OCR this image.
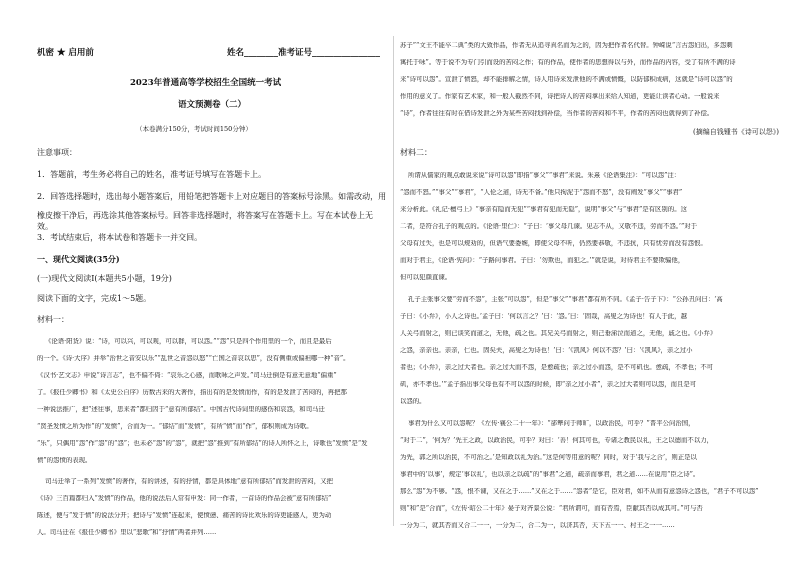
机密 ★ 启用前	姓名________准考证号________________
2023年普通高等学校招生全国统一考试
语文预测卷（二）
（本卷满分150分，考试时间150分钟）
注意事项：
1．答题前，考生务必将自己的姓名，准考证号填写在答题卡上。
2．回答选择题时，选出每小题答案后，用铅笔把答题卡上对应题目的答案标号涂黑。如需改动，用
橡皮擦干净后，再选涂其他答案标号。回答非选择题时，将答案写在答题卡上。写在本试卷上无效。
3．考试结束后，将本试卷和答题卡一并交回。
一、现代文阅读(35分)
(一)现代文阅读Ⅰ(本题共5小题，19分)
阅读下面的文字，完成1～5题。
材料一：
《论语·阳货》说：“诗，可以兴，可以观，可以群，可以怨。”“怨”只是四个作用里的一个，而且是最后
的一个。《诗·大序》并举“治世之音安以乐”“乱世之音怨以怒”“亡国之音哀以思”，没有侧重或偏袒哪一种“音”。
《汉书·艺文志》申说“诗言志”，也不偏不倚：“哀乐之心感，而歌咏之声发。”司马迁倒是有意无意地“偏重”
了。《报任少卿书》和《太史公自序》历数古来的大著作，指出有的是发愤而作，有的是发泄了苦闷的，再把那
一种说法推广，把“述往事，思来者”都归因于“意有所郁结”。中国古代诗词里的感伤和哀怨，和司马迁
“贤圣发愤之所为作”的“发愤”，合而为一。“郁结”而“发愤”，有所“愤”而“作”，郁积则成为诗歌。
“乐”，只偶用“怨”作“怨”的“怨”；也未必“怨”的“怨”，就把“怨”推到“有所郁结”的诗人所怀之上，诗歌也“发愤”是“发
愤”的怨愤的表现。
司马迁举了一系列“发愤”的著作，有的讲述，有的抒情，都是具体地“意有所郁结”而发泄的苦闷，又把
《诗》三百篇都归入“发愤”的作品，他的说法后人常有申发：同一作者，一首诗的作品会被“意有所郁结”
陈述，便与“发于愤”的说法分开；把诗与“发愤”连起来，使愤懑、痛苦的诗比欢乐的诗更能感人，更为动
人。司马迁在《报任少卿书》里以“悲歌”和“抒情”两者并列……
苏子”“文王不能卒二典”类的大致作品，作者无从追寻真名而为之的，因为把作者名代替。钟嵘说“言古怨妇出，多怨刺
寓托于咏”。等于说不为专门引而设的苦闷之作；有的作品，使作者的思想得以与外，而作品的内容，受了有所不满的诗
来“诗可以怨”。宣泄了愤怒，却不能排解之情，诗人用诗来发泄他的不满或愤慨，以防郁积成病，这就是“诗可以怨”的
作用的意义了。作家有艺术家，和一般人截然不同，诗把诗人的苦闷拿出来给人知道，更能让读者心动。一般说来
“诗”，作者往往有时在借诗发泄之外为某些苦闷找到补偿，当作者的苦闷和不平，作者的苦闷也就得到了补偿。
(摘编自钱锺书《诗可以怨》)
材料二：
所谓从儒家的观点敢说来说“诗可以怨”即指“事父”“事君”来说。朱熹《论语集注》：“可以怨”注：
“怨而不怒。”“事父”“事君”，“人伦之道，诗无不备。”他只拘泥于“怨而不怒”，没有阐发“事父”“事君”
来分析此。《礼记·檀弓上》“事亲有隐而无犯”“事君有犯而无隐”，说明“事父”与“事君”是有区别的。这
二者，是符合孔子的观点的。《论语·里仁》：“子曰：‘事父母几谏。见志不从，又敬不违，劳而不怨。’”对于
父母有过失，也是可以规劝的，但语气要委婉，即使父母不听，仍然要恭敬，不违抗，只有忧劳而没有怨恨。
而对于君主，《论语·宪问》：“子路问事君。子曰：‘勿欺也，而犯之。’”就是说，对待君主不要欺骗他，
但可以犯颜直谏。
孔子主张事父要“劳而不怨”，主张“可以怨”，但是“事父”“事君”都有所不同。《孟子·告子下》：“公孙丑问曰：‘高
子曰：《小弁》，小人之诗也。’孟子曰：‘何以言之？’曰：‘怨。’曰：‘固哉，高叟之为诗也！有人于此，越
人关弓而射之，则已谈笑而道之，无他，疏之也。其兄关弓而射之，则己垂涕泣而道之，无他，戚之也。《小弁》
之怨，亲亲也。亲亲，仁也。固矣夫，高叟之为诗也！’曰：‘《凯风》何以不怨？’曰：‘《凯风》，亲之过小
者也；《小弁》，亲之过大者也。亲之过大而不怨，是愈疏也；亲之过小而怨，是不可矶也。愈疏，不孝也；不可
矶，亦不孝也。’”孟子指出事父母也有不可以怨的时候，即“亲之过小者”，亲之过大者则可以怨，而且是可
以怨的。
事君为什么又可以怨呢？《左传·襄公二十一年》：“郤犨问于师旷，以政治民，可乎？”晋平公问治国，
“对于二”，‘何为？’先王之政，以政治民，可乎？对曰：‘善！何其可也，专诸之教民以礼，王之以德而不以力，
为先，郭之所以治民，不可治之。’是知政以礼为治。”这是何等用意的呢？同时，对于‘我与之合’，则正是以
事君中的‘以事’，规定‘事以礼’，也以亲之以疏”的“事君”之道，疏亲而事君，君之道……在说用“臣之诗”。
那么“怨”为不够。“怨，恨不谏，又在之于……”又在之于……“怨者”是它，臣对君，如不从而有意怨诗之怨也，“君子不可以怨”
则“和”是“合而”，《左传·昭公二十年》晏子对齐景公说：“君所谓可，而有否焉，臣献其否以成其可。”可与否
一分为二，就其否而又合二一一，一分为二，合二为一，以济其否，天下五一一、村王之一一……
